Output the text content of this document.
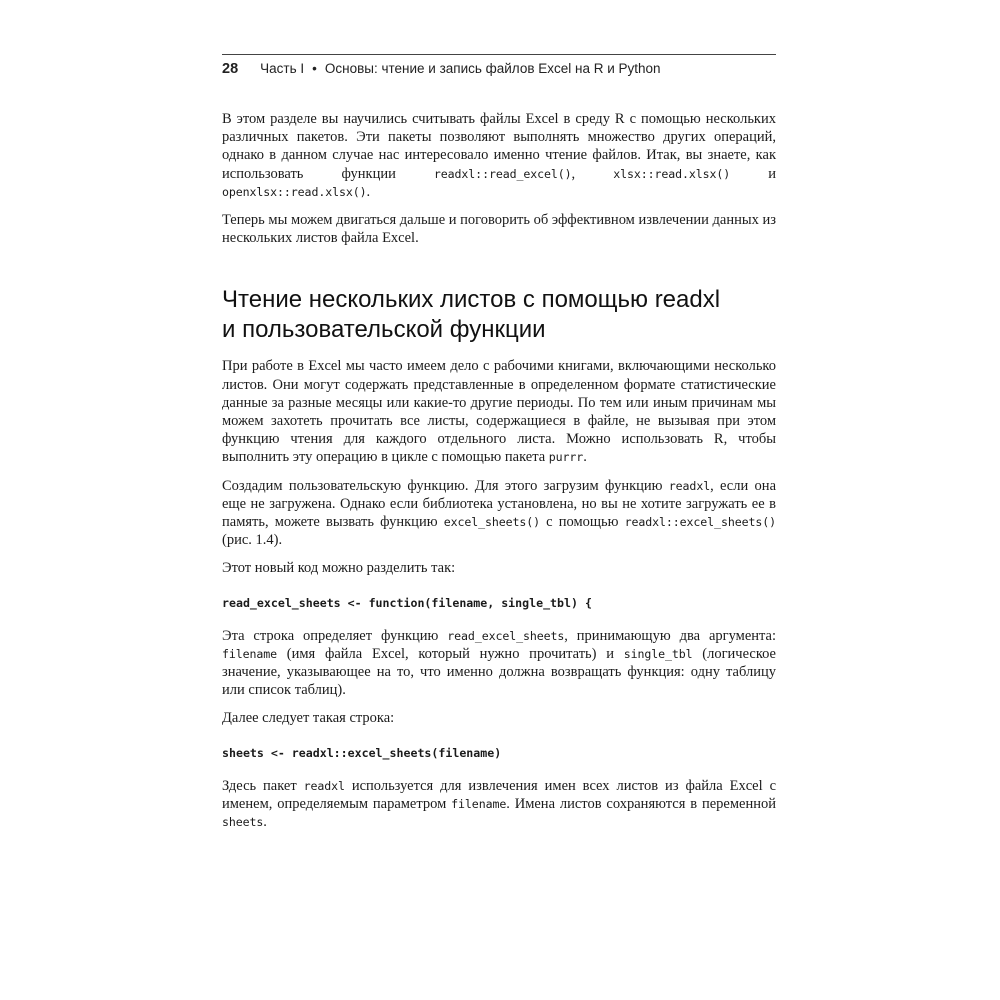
28 Часть I • Основы: чтение и запись файлов Excel на R и Python

В этом разделе вы научились считывать файлы Excel в среду R с помощью нескольких различных пакетов. Эти пакеты позволяют выполнять множество других операций, однако в данном случае нас интересовало именно чтение файлов. Итак, вы знаете, как использовать функции readxl::read_excel(), xlsx::read.xlsx() и openxlsx::read.xlsx().

Теперь мы можем двигаться дальше и поговорить об эффективном извлечении данных из нескольких листов файла Excel.

Чтение нескольких листов с помощью readxl
и пользовательской функции

При работе в Excel мы часто имеем дело с рабочими книгами, включающими несколько листов. Они могут содержать представленные в определенном формате статистические данные за разные месяцы или какие-то другие периоды. По тем или иным причинам мы можем захотеть прочитать все листы, содержащиеся в файле, не вызывая при этом функцию чтения для каждого отдельного листа. Можно использовать R, чтобы выполнить эту операцию в цикле с помощью пакета purrr.

Создадим пользовательскую функцию. Для этого загрузим функцию readxl, если она еще не загружена. Однако если библиотека установлена, но вы не хотите загружать ее в память, можете вызвать функцию excel_sheets() с помощью readxl::excel_sheets() (рис. 1.4).

Этот новый код можно разделить так:

read_excel_sheets <- function(filename, single_tbl) {

Эта строка определяет функцию read_excel_sheets, принимающую два аргумента: filename (имя файла Excel, который нужно прочитать) и single_tbl (логическое значение, указывающее на то, что именно должна возвращать функция: одну таблицу или список таблиц).

Далее следует такая строка:

sheets <- readxl::excel_sheets(filename)

Здесь пакет readxl используется для извлечения имен всех листов из файла Excel с именем, определяемым параметром filename. Имена листов сохраняются в переменной sheets.
